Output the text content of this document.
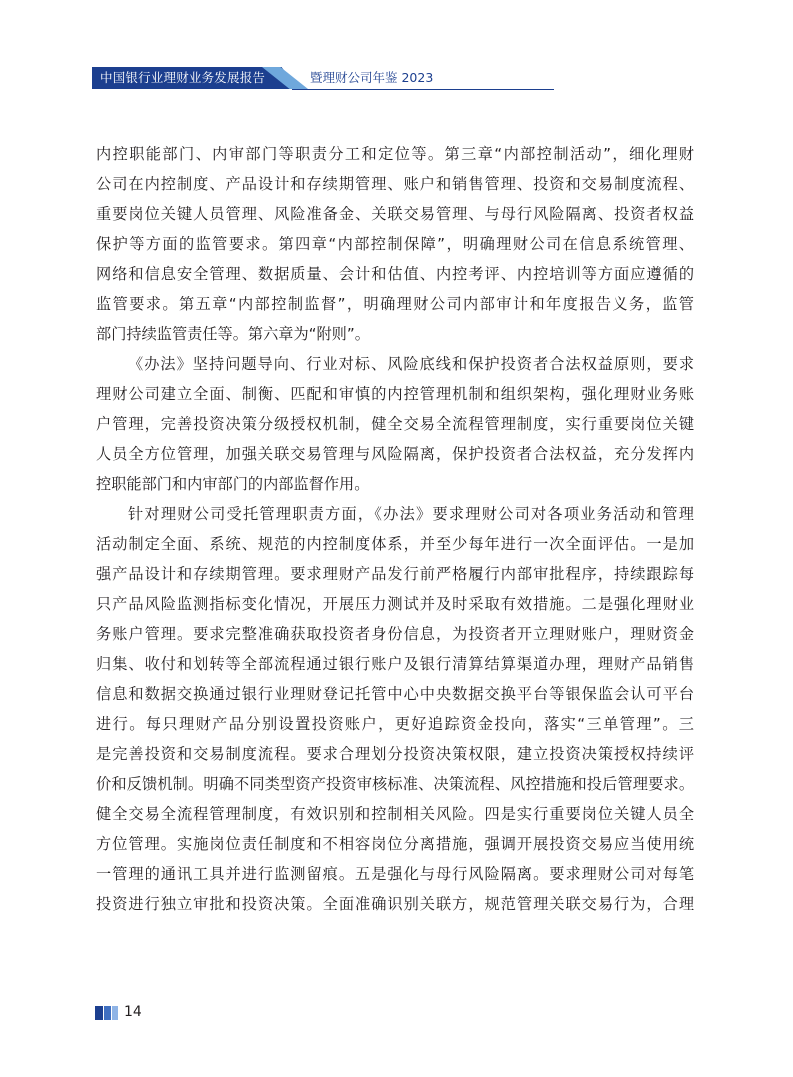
中国银行业理财业务发展报告	暨理财公司年鉴 2023

内控职能部门、内审部门等职责分工和定位等。第三章“内部控制活动”，细化理财
公司在内控制度、产品设计和存续期管理、账户和销售管理、投资和交易制度流程、
重要岗位关键人员管理、风险准备金、关联交易管理、与母行风险隔离、投资者权益
保护等方面的监管要求。第四章“内部控制保障”，明确理财公司在信息系统管理、
网络和信息安全管理、数据质量、会计和估值、内控考评、内控培训等方面应遵循的
监管要求。第五章“内部控制监督”，明确理财公司内部审计和年度报告义务，监管
部门持续监管责任等。第六章为“附则”。

《办法》坚持问题导向、行业对标、风险底线和保护投资者合法权益原则，要求
理财公司建立全面、制衡、匹配和审慎的内控管理机制和组织架构，强化理财业务账
户管理，完善投资决策分级授权机制，健全交易全流程管理制度，实行重要岗位关键
人员全方位管理，加强关联交易管理与风险隔离，保护投资者合法权益，充分发挥内
控职能部门和内审部门的内部监督作用。

针对理财公司受托管理职责方面，《办法》要求理财公司对各项业务活动和管理
活动制定全面、系统、规范的内控制度体系，并至少每年进行一次全面评估。一是加
强产品设计和存续期管理。要求理财产品发行前严格履行内部审批程序，持续跟踪每
只产品风险监测指标变化情况，开展压力测试并及时采取有效措施。二是强化理财业
务账户管理。要求完整准确获取投资者身份信息，为投资者开立理财账户，理财资金
归集、收付和划转等全部流程通过银行账户及银行清算结算渠道办理，理财产品销售
信息和数据交换通过银行业理财登记托管中心中央数据交换平台等银保监会认可平台
进行。每只理财产品分别设置投资账户，更好追踪资金投向，落实“三单管理”。三
是完善投资和交易制度流程。要求合理划分投资决策权限，建立投资决策授权持续评
价和反馈机制。明确不同类型资产投资审核标准、决策流程、风控措施和投后管理要求。
健全交易全流程管理制度，有效识别和控制相关风险。四是实行重要岗位关键人员全
方位管理。实施岗位责任制度和不相容岗位分离措施，强调开展投资交易应当使用统
一管理的通讯工具并进行监测留痕。五是强化与母行风险隔离。要求理财公司对每笔
投资进行独立审批和投资决策。全面准确识别关联方，规范管理关联交易行为，合理

14
